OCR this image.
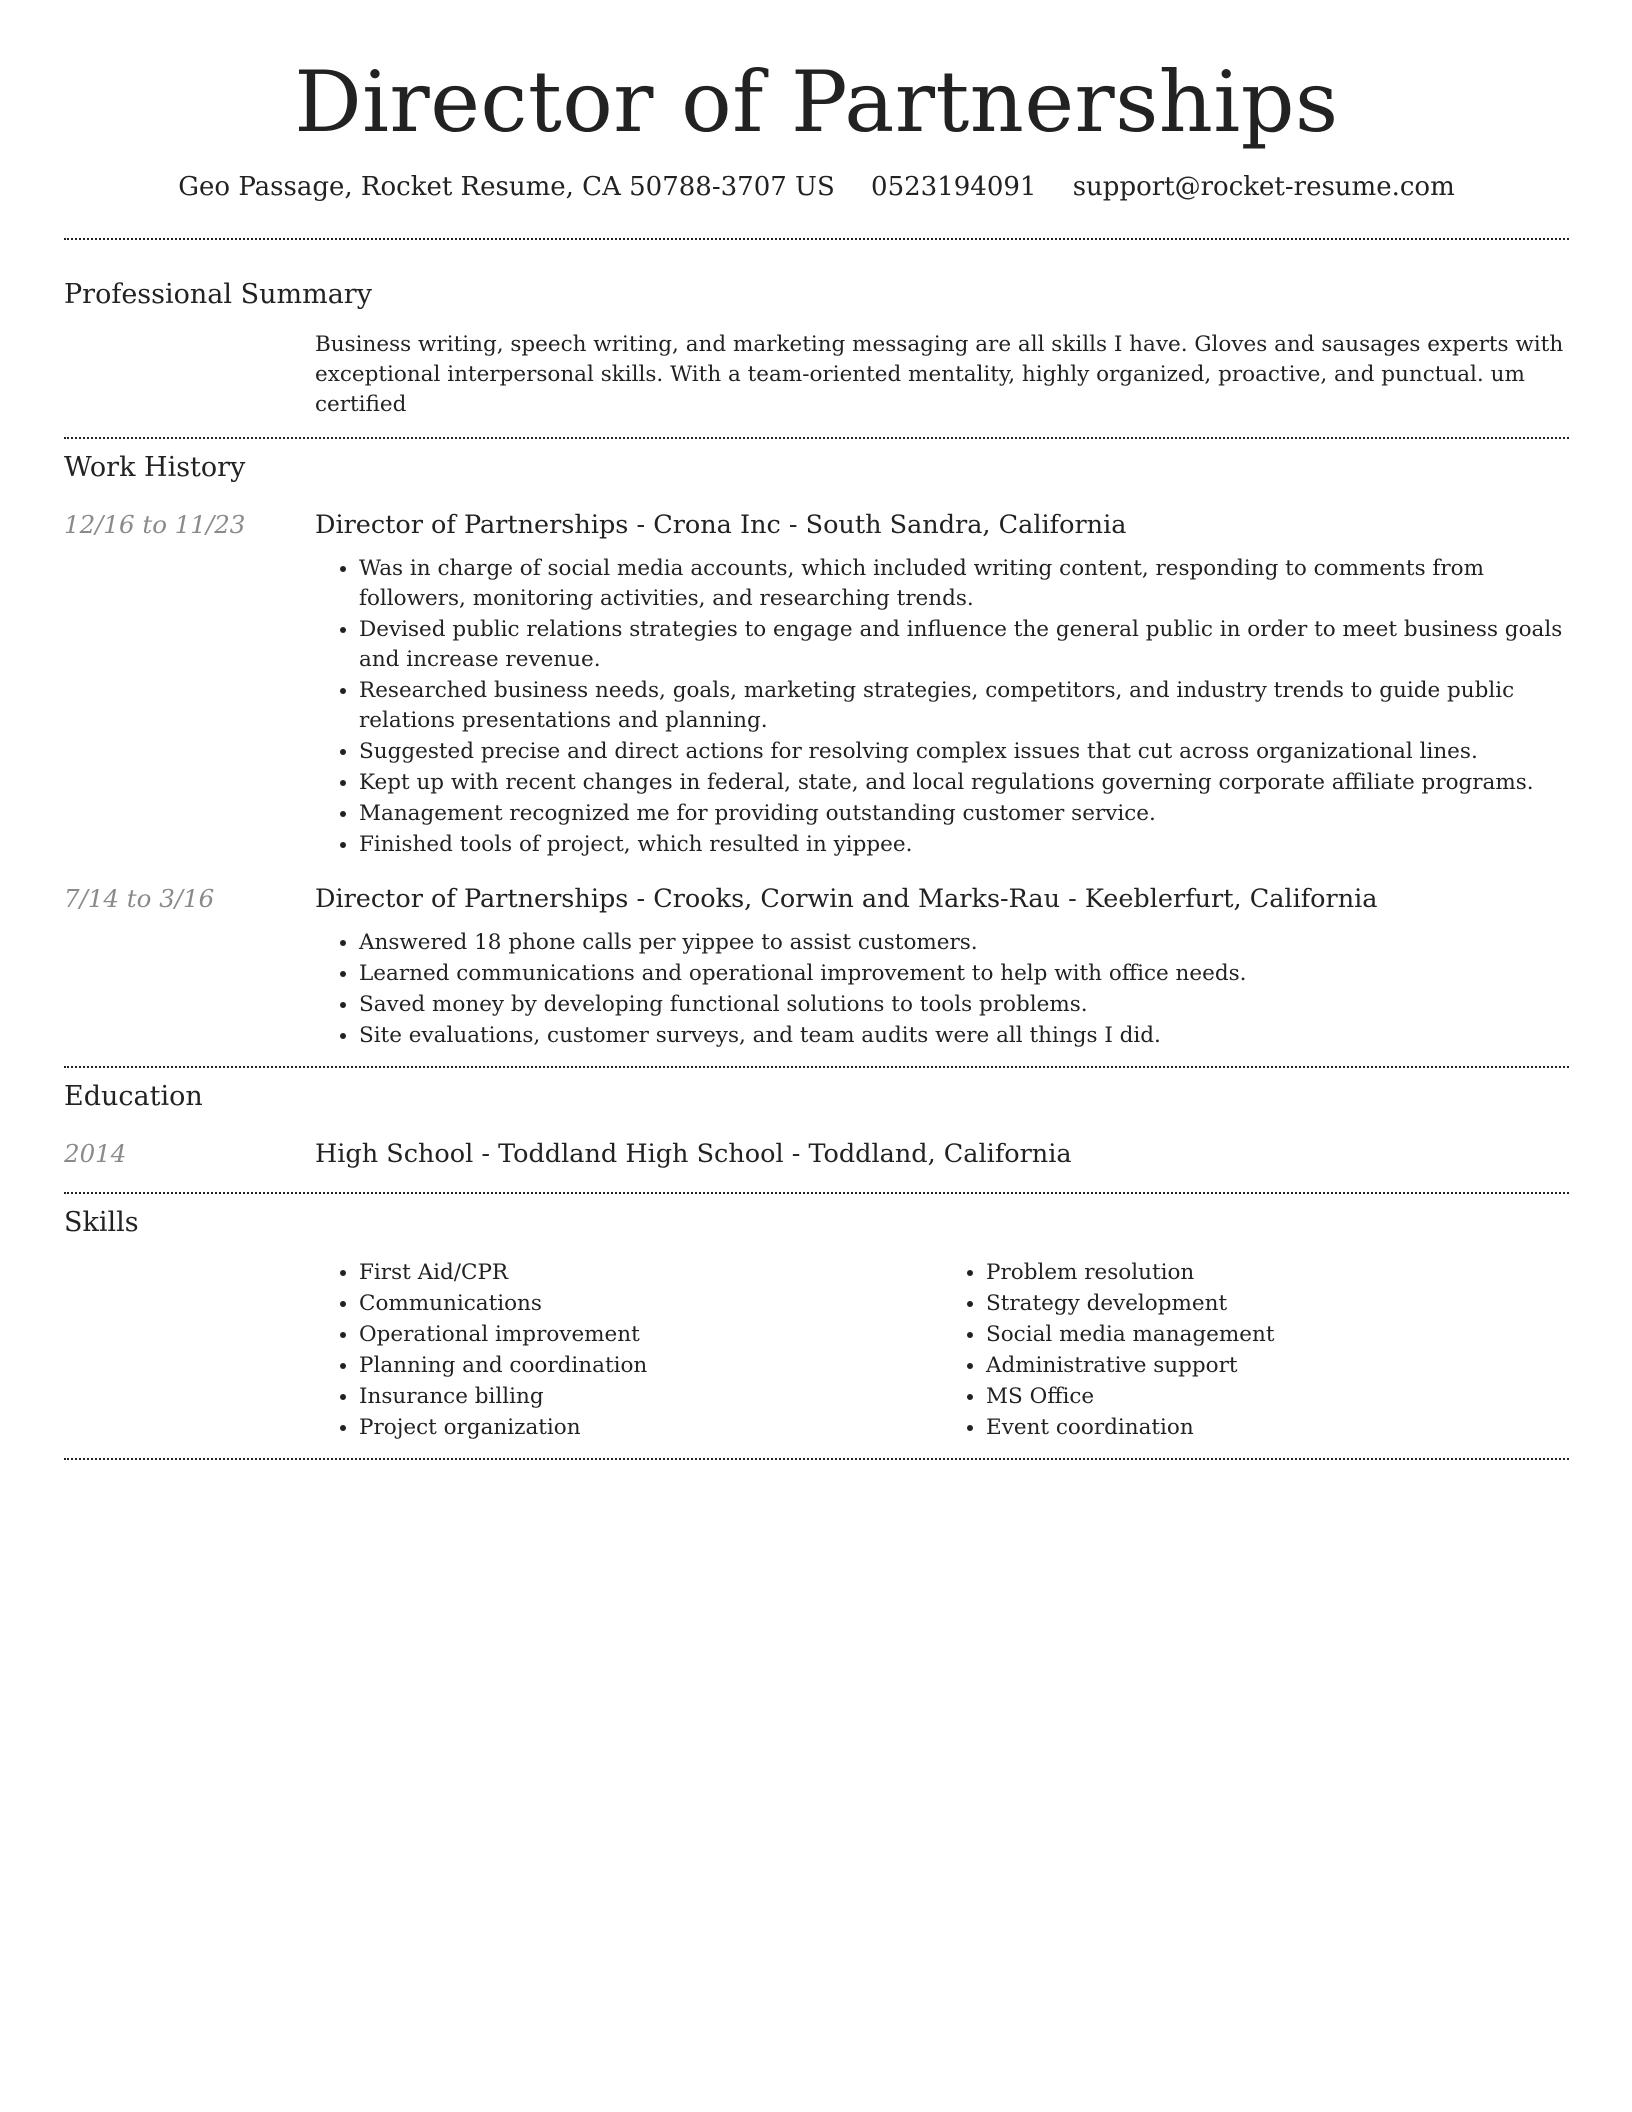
Director of Partnerships
Geo Passage, Rocket Resume, CA 50788-3707 US 0523194091 support@rocket-resume.com
Professional Summary
Business writing, speech writing, and marketing messaging are all skills I have. Gloves and sausages experts with exceptional interpersonal skills. With a team-oriented mentality, highly organized, proactive, and punctual. um certified
Work History
12/16 to 11/23	Director of Partnerships - Crona Inc - South Sandra, California
• Was in charge of social media accounts, which included writing content, responding to comments from followers, monitoring activities, and researching trends.
• Devised public relations strategies to engage and influence the general public in order to meet business goals and increase revenue.
• Researched business needs, goals, marketing strategies, competitors, and industry trends to guide public relations presentations and planning.
• Suggested precise and direct actions for resolving complex issues that cut across organizational lines.
• Kept up with recent changes in federal, state, and local regulations governing corporate affiliate programs.
• Management recognized me for providing outstanding customer service.
• Finished tools of project, which resulted in yippee.
7/14 to 3/16	Director of Partnerships - Crooks, Corwin and Marks-Rau - Keeblerfurt, California
• Answered 18 phone calls per yippee to assist customers.
• Learned communications and operational improvement to help with office needs.
• Saved money by developing functional solutions to tools problems.
• Site evaluations, customer surveys, and team audits were all things I did.
Education
2014	High School - Toddland High School - Toddland, California
Skills
• First Aid/CPR
• Communications
• Operational improvement
• Planning and coordination
• Insurance billing
• Project organization
• Problem resolution
• Strategy development
• Social media management
• Administrative support
• MS Office
• Event coordination
